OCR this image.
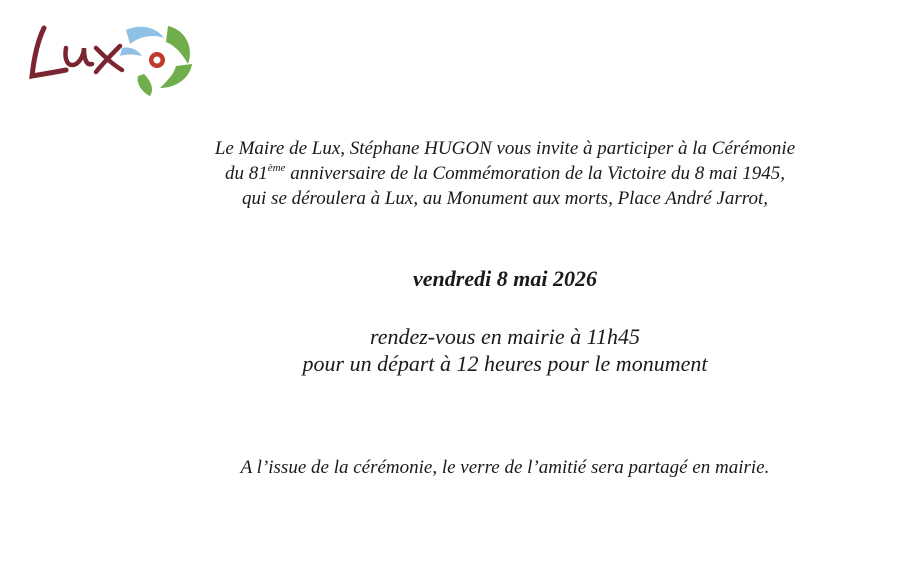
Le Maire de Lux, Stéphane HUGON vous invite à participer à la Cérémonie
du 81ème anniversaire de la Commémoration de la Victoire du 8 mai 1945,
qui se déroulera à Lux, au Monument aux morts, Place André Jarrot,
vendredi 8 mai 2026
rendez-vous en mairie à 11h45
pour un départ à 12 heures pour le monument
A l’issue de la cérémonie, le verre de l’amitié sera partagé en mairie.
